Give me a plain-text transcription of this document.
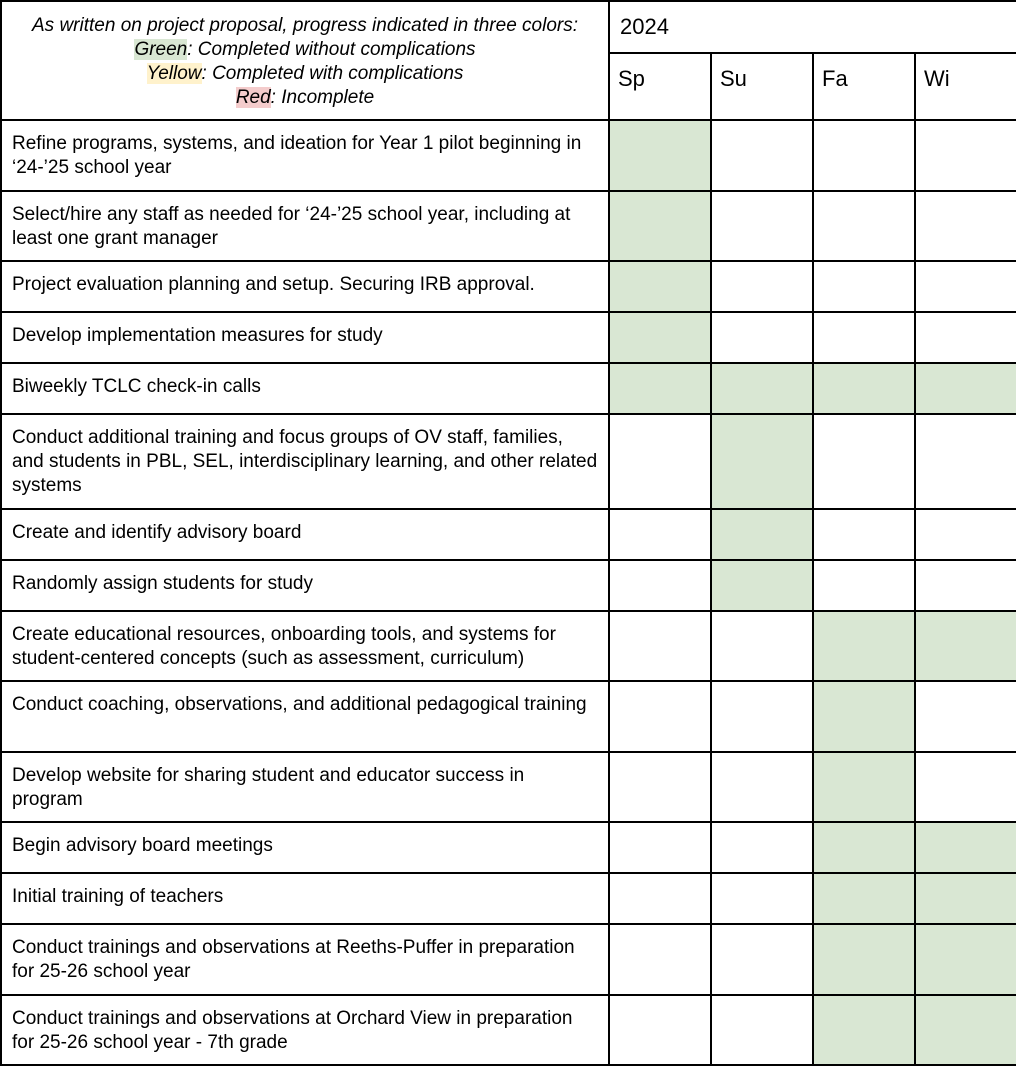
As written on project proposal, progress indicated in three colors:
Green: Completed without complications
Yellow: Completed with complications
Red: Incomplete	2024			
	Sp	Su	Fa	Wi
Refine programs, systems, and ideation for Year 1 pilot beginning in ‘24-’25 school year				
Select/hire any staff as needed for ‘24-’25 school year, including at least one grant manager				
Project evaluation planning and setup. Securing IRB approval.				
Develop implementation measures for study				
Biweekly TCLC check-in calls				
Conduct additional training and focus groups of OV staff, families, and students in PBL, SEL, interdisciplinary learning, and other related systems				
Create and identify advisory board				
Randomly assign students for study				
Create educational resources, onboarding tools, and systems for student-centered concepts (such as assessment, curriculum)				
Conduct coaching, observations, and additional pedagogical training				
Develop website for sharing student and educator success in program				
Begin advisory board meetings				
Initial training of teachers				
Conduct trainings and observations at Reeths-Puffer in preparation for 25-26 school year				
Conduct trainings and observations at Orchard View in preparation for 25-26 school year - 7th grade				
